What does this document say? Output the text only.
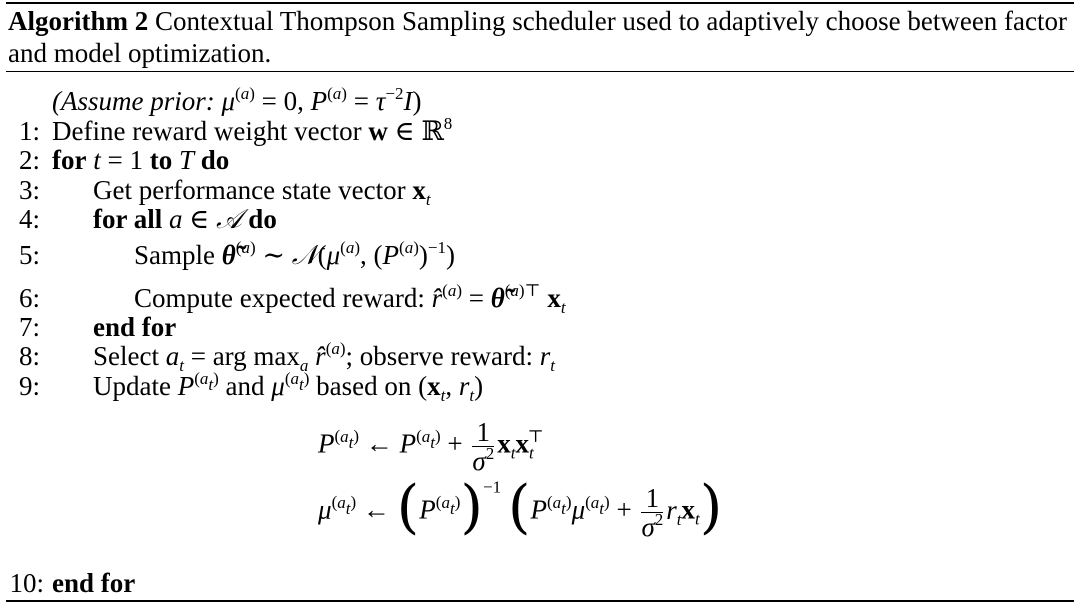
Algorithm 2 Contextual Thompson Sampling scheduler used to adaptively choose between factor and model optimization.
(Assume prior: $\mu^{(a)} = 0$, $P^{(a)} = \tau^{-2}I$)
1: Define reward weight vector w ∈ ℝ$^8$
2: for t = 1 to T do
3: Get performance state vector $x_t$
4: for all a ∈ 𝒜 do
5:	Sample θ̃$^{(a)}$ ∼ $𝒩(\mu^{(a)}$, $(P^{(a)})^{-1}$)
6:	Compute expected reward: r̂$^{(a)}$ = θ̃$^{(a)⊤}$ $x_t$
7: end for
8: Select $a_t$ = arg $\max_a$ r̂$^{(a)}$; observe reward: $r_t$
9: Update $P^{(a_t)}$ and $\mu^{(a_t)}$ based on ($x_t$, $r_t$)
$P^{(a_t)}$ ← $P^{(a_t)} + \frac{1}{\sigma^2} x_tx_t^⊤$
$\mu^{(a_t)}$ ← $(P^{(a_t)})^{-1}$ $(P^{(a_t)}\mu^{(a_t)} + \frac{1}{\sigma^2} r_tx_t)$
10: end for
